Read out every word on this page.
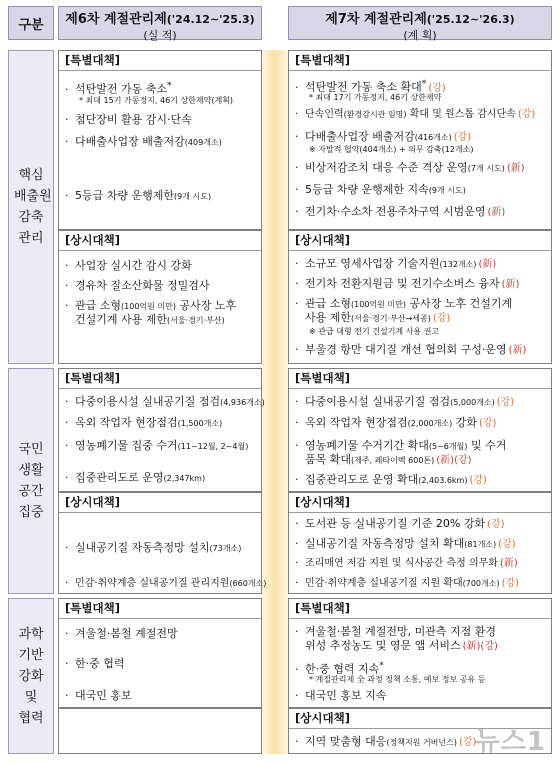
구분	제6차 계절관리제('24.12~'25.3)
(실 적)
제7차 계절관리제('25.12~'26.3)
(계 획)
핵심 배출원 감축 관리
국민 생활 공간 집중
과학 기반 강화 및 협력
[특별대책]
· 석탄발전 가동 축소*
* 최대 15기 가동정지, 46기 상한제약(계획)
· 첨단장비 활용 감시·단속
· 다배출사업장 배출저감(409개소)
· 5등급 차량 운행제한(9개 시도)
[상시대책]
· 사업장 실시간 감시 강화
· 경유차 질소산화물 정밀검사
· 관급 소형(100억원 미만) 공사장 노후
건설기계 사용 제한(서울·경기·부산)
[특별대책]
· 다중이용시설 실내공기질 점검(4,936개소)
· 옥외 작업자 현장점검(1,500개소)
· 영농폐기물 집중 수거(11~12월, 2~4월)
· 집중관리도로 운영(2,347km)
[상시대책]
· 실내공기질 자동측정망 설치(73개소)
· 민감·취약계층 실내공기질 관리지원(660개소)
[특별대책]
· 겨울철·봄철 계절전망
· 한·중 협력
· 대국민 홍보
[특별대책]
· 석탄발전 가동 축소 확대* (강)
* 최대 17기 가동정지, 46기 상한제약
· 단속인력(환경감시관 임명) 확대 및 원스톱 감시단속 (강)
· 다배출사업장 배출저감(416개소) (강)
※ 자발적 협약(404개소) + 의무 감축(12개소)
· 비상저감조치 대응 수준 격상 운영(7개 시도) (新)
· 5등급 차량 운행제한 지속(9개 시도)
· 전기차·수소차 전용주차구역 시범운영 (新)
[상시대책]
· 소규모 영세사업장 기술지원(132개소) (新)
· 전기차 전환지원금 및 전기수소버스 융자 (新)
· 관급 소형(100억원 미만) 공사장 노후 건설기계
사용 제한(서울·경기·부산→세종) (강)
※ 관급 대형 전기 건설기계 사용 권고
· 부울경 항만 대기질 개선 협의회 구성·운영 (新)
[특별대책]
· 다중이용시설 실내공기질 점검(5,000개소) (강)
· 옥외 작업자 현장점검(2,000개소) 강화 (강)
· 영농폐기물 수거기간 확대(5~6개월) 및 수거
품목 확대(제주, 페타이벡 600톤) (新)(강)
· 집중관리도로 운영 확대(2,403.6km) (강)
[상시대책]
· 도서관 등 실내공기질 기준 20% 강화 (강)
· 실내공기질 자동측정망 설치 확대(81개소) (강)
· 조리매연 저감 지원 및 식사공간 측정 의무화 (新)
· 민감·취약계층 실내공기질 지원 확대(700개소) (강)
[특별대책]
· 겨울철·봄철 계절전망, 미관측 지점 환경
위성 추정농도 및 영문 앱 서비스 (新)(강)
· 한·중 협력 지속*
* 계절관리제 全 과정 정책 소통, 예보 정보 공유 등
· 대국민 홍보 지속
[상시대책]
· 지역 맞춤형 대응(정책지원 거버넌스) (강)
뉴스1
